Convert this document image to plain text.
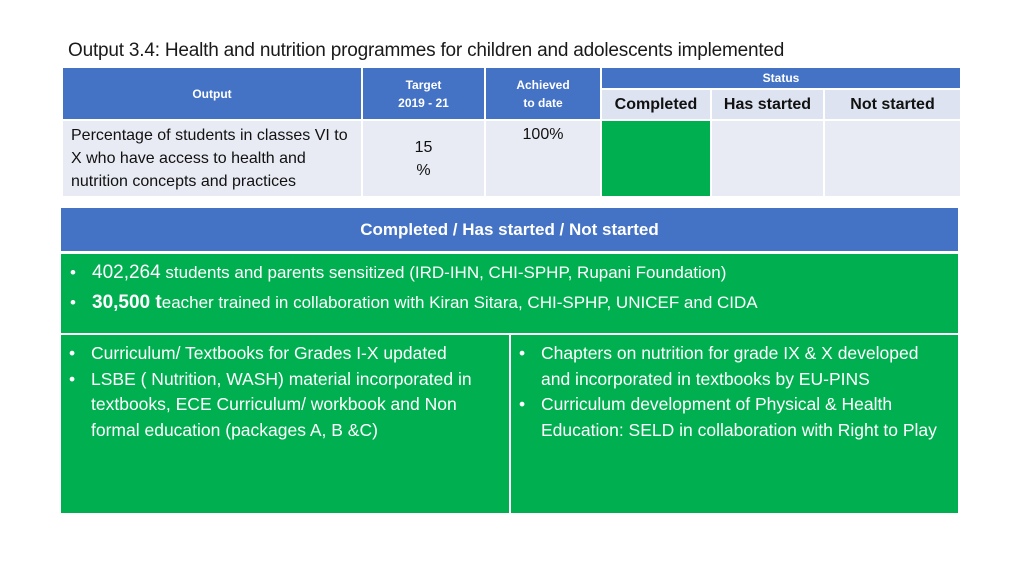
Output 3.4: Health and nutrition programmes for children and adolescents implemented
Output
Target
2019 - 21
Achieved
to date
Status
Completed Has started Not started
Percentage of students in classes VI to X who have access to health and nutrition concepts and practices
15
%
100%
Completed / Has started / Not started
• 402,264 students and parents sensitized (IRD-IHN, CHI-SPHP, Rupani Foundation)
• 30,500 teacher trained in collaboration with Kiran Sitara, CHI-SPHP, UNICEF and CIDA
• Curriculum/ Textbooks for Grades I-X updated
• LSBE ( Nutrition, WASH) material incorporated in textbooks, ECE Curriculum/ workbook and Non formal education (packages A, B &C)
• Chapters on nutrition for grade IX & X developed and incorporated in textbooks by EU-PINS
• Curriculum development of Physical & Health Education: SELD in collaboration with Right to Play
